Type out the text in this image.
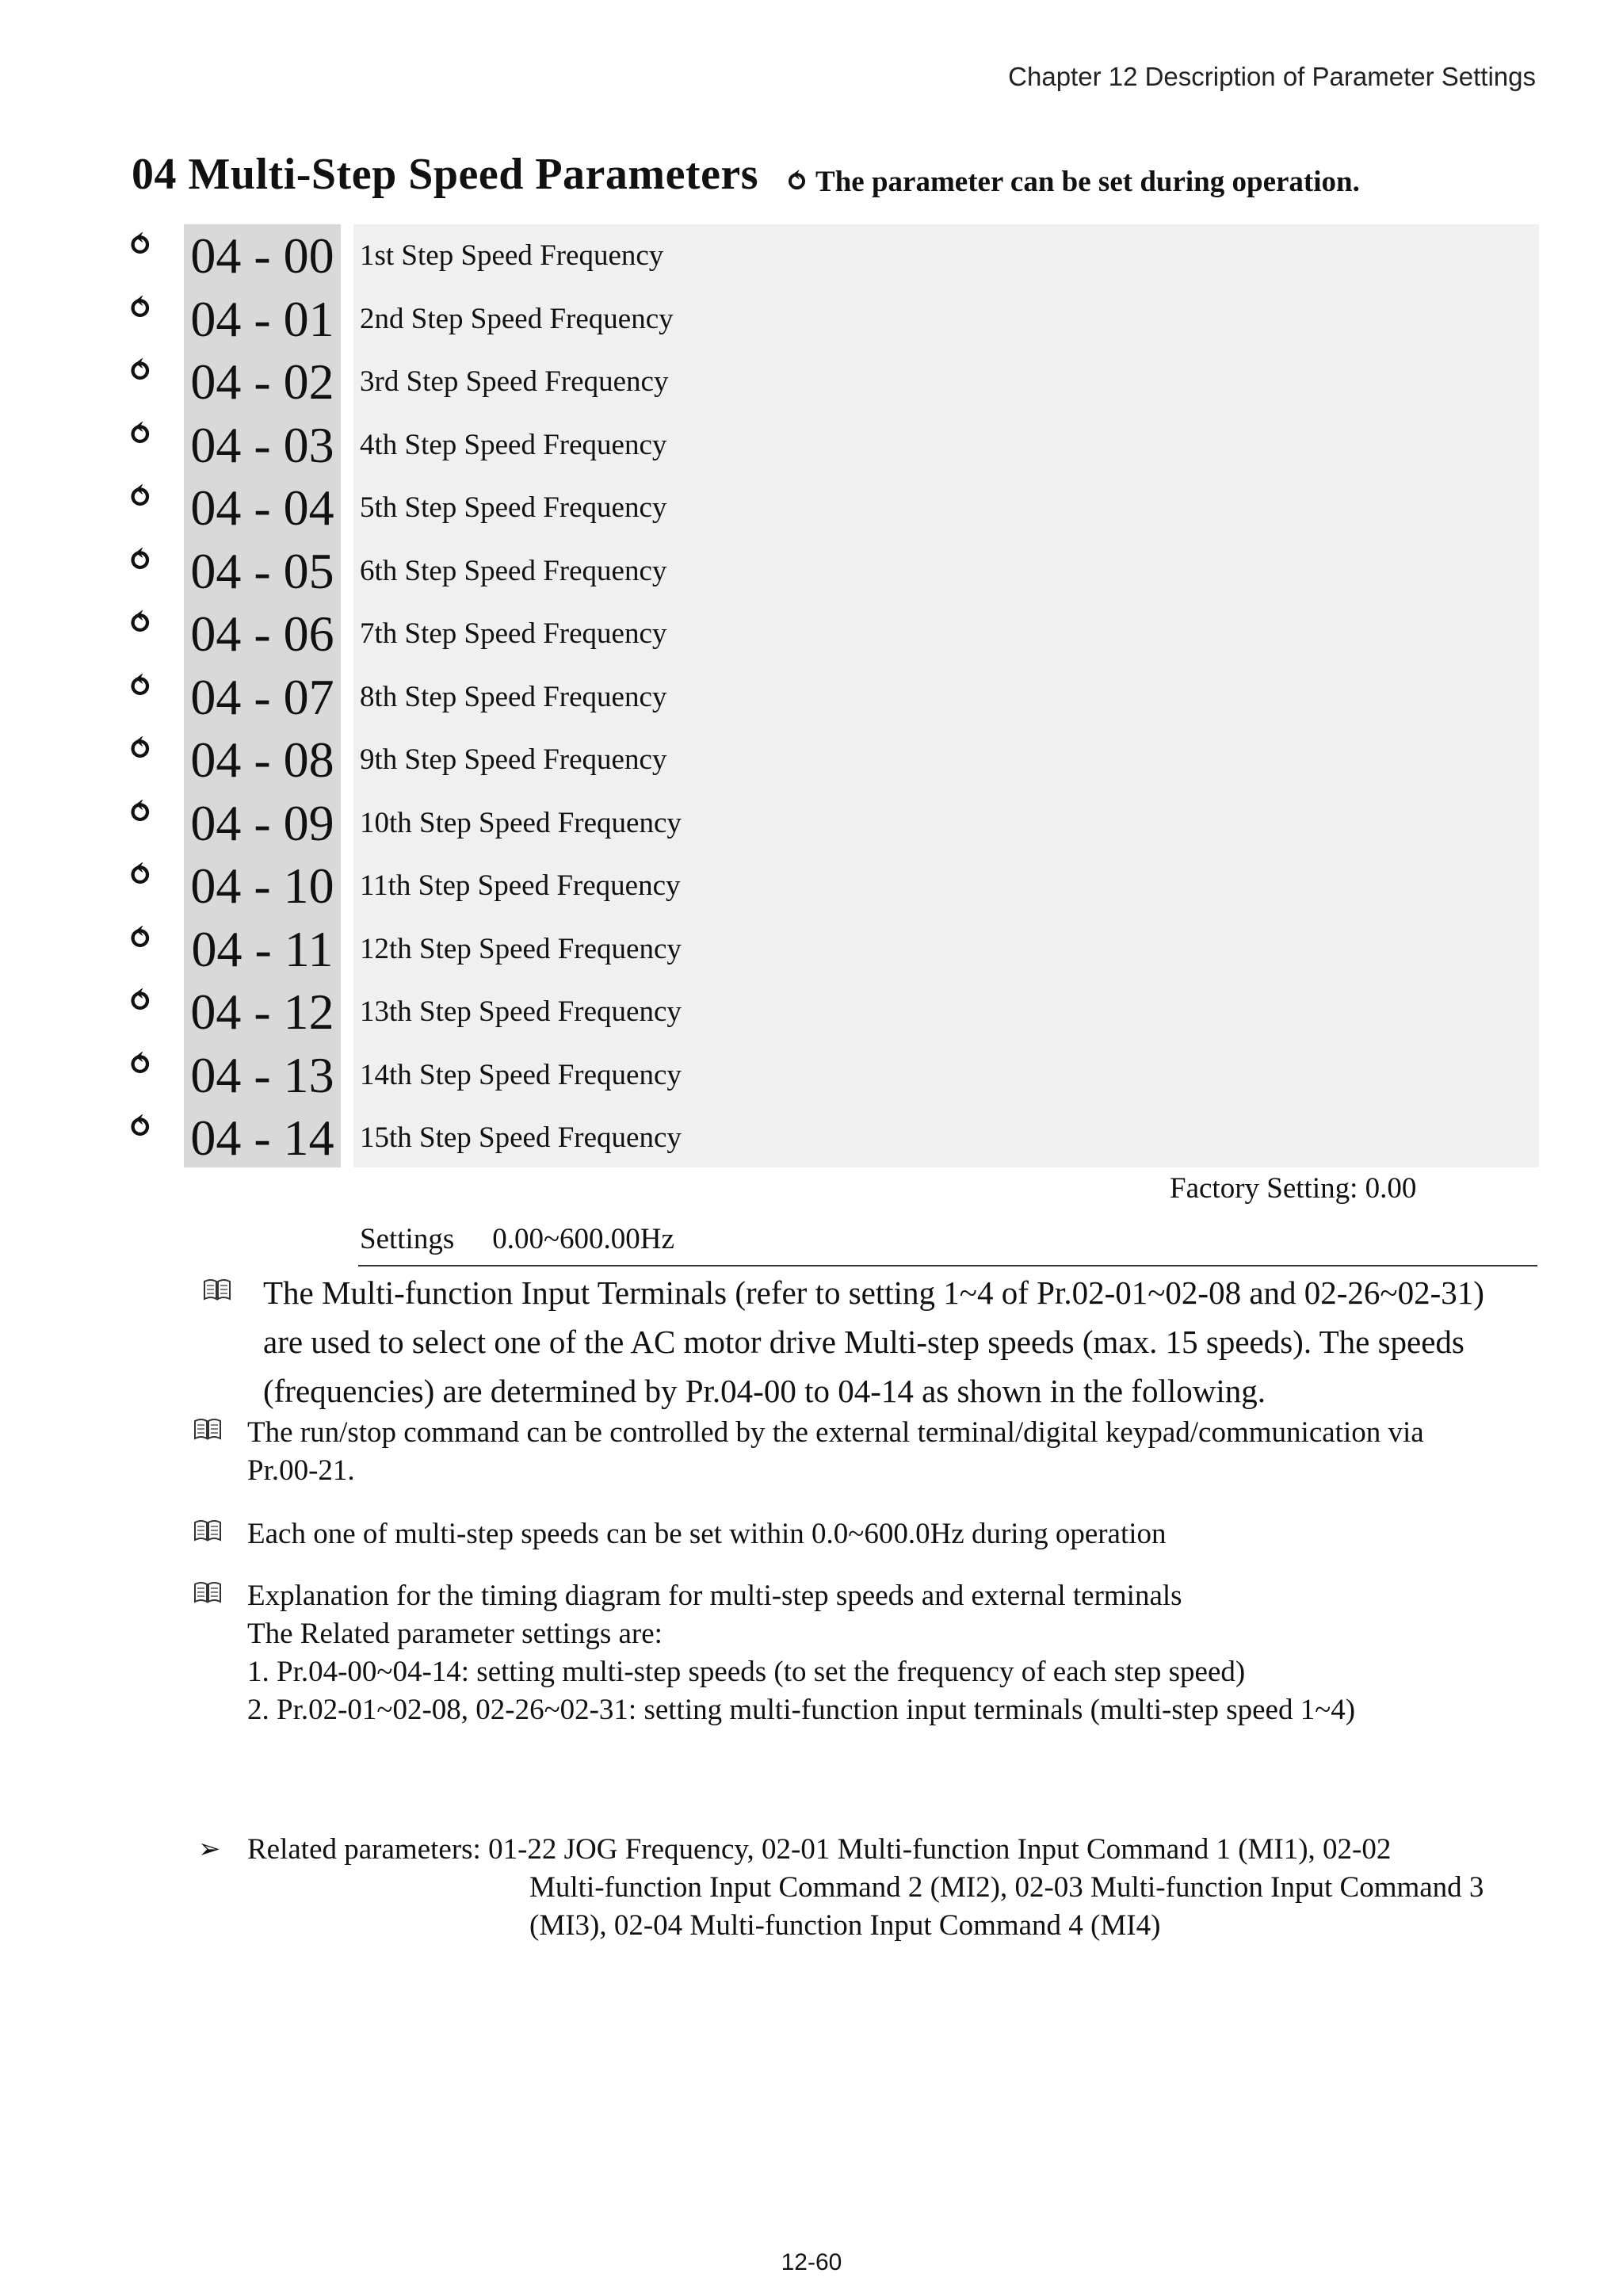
Chapter 12 Description of Parameter Settings
04 Multi-Step Speed Parameters ⥀ The parameter can be set during operation.
⥀ 04 - 00 1st Step Speed Frequency
⥀ 04 - 01 2nd Step Speed Frequency
⥀ 04 - 02 3rd Step Speed Frequency
⥀ 04 - 03 4th Step Speed Frequency
⥀ 04 - 04 5th Step Speed Frequency
⥀ 04 - 05 6th Step Speed Frequency
⥀ 04 - 06 7th Step Speed Frequency
⥀ 04 - 07 8th Step Speed Frequency
⥀ 04 - 08 9th Step Speed Frequency
⥀ 04 - 09 10th Step Speed Frequency
⥀ 04 - 10 11th Step Speed Frequency
⥀ 04 - 11 12th Step Speed Frequency
⥀ 04 - 12 13th Step Speed Frequency
⥀ 04 - 13 14th Step Speed Frequency
⥀ 04 - 14 15th Step Speed Frequency
Factory Setting: 0.00
Settings 0.00~600.00Hz
The Multi-function Input Terminals (refer to setting 1~4 of Pr.02-01~02-08 and 02-26~02-31)
are used to select one of the AC motor drive Multi-step speeds (max. 15 speeds). The speeds
(frequencies) are determined by Pr.04-00 to 04-14 as shown in the following.
The run/stop command can be controlled by the external terminal/digital keypad/communication via
Pr.00-21.
Each one of multi-step speeds can be set within 0.0~600.0Hz during operation
Explanation for the timing diagram for multi-step speeds and external terminals
The Related parameter settings are:
1. Pr.04-00~04-14: setting multi-step speeds (to set the frequency of each step speed)
2. Pr.02-01~02-08, 02-26~02-31: setting multi-function input terminals (multi-step speed 1~4)
➢ Related parameters: 01-22 JOG Frequency, 02-01 Multi-function Input Command 1 (MI1), 02-02
Multi-function Input Command 2 (MI2), 02-03 Multi-function Input Command 3
(MI3), 02-04 Multi-function Input Command 4 (MI4)
12-60
